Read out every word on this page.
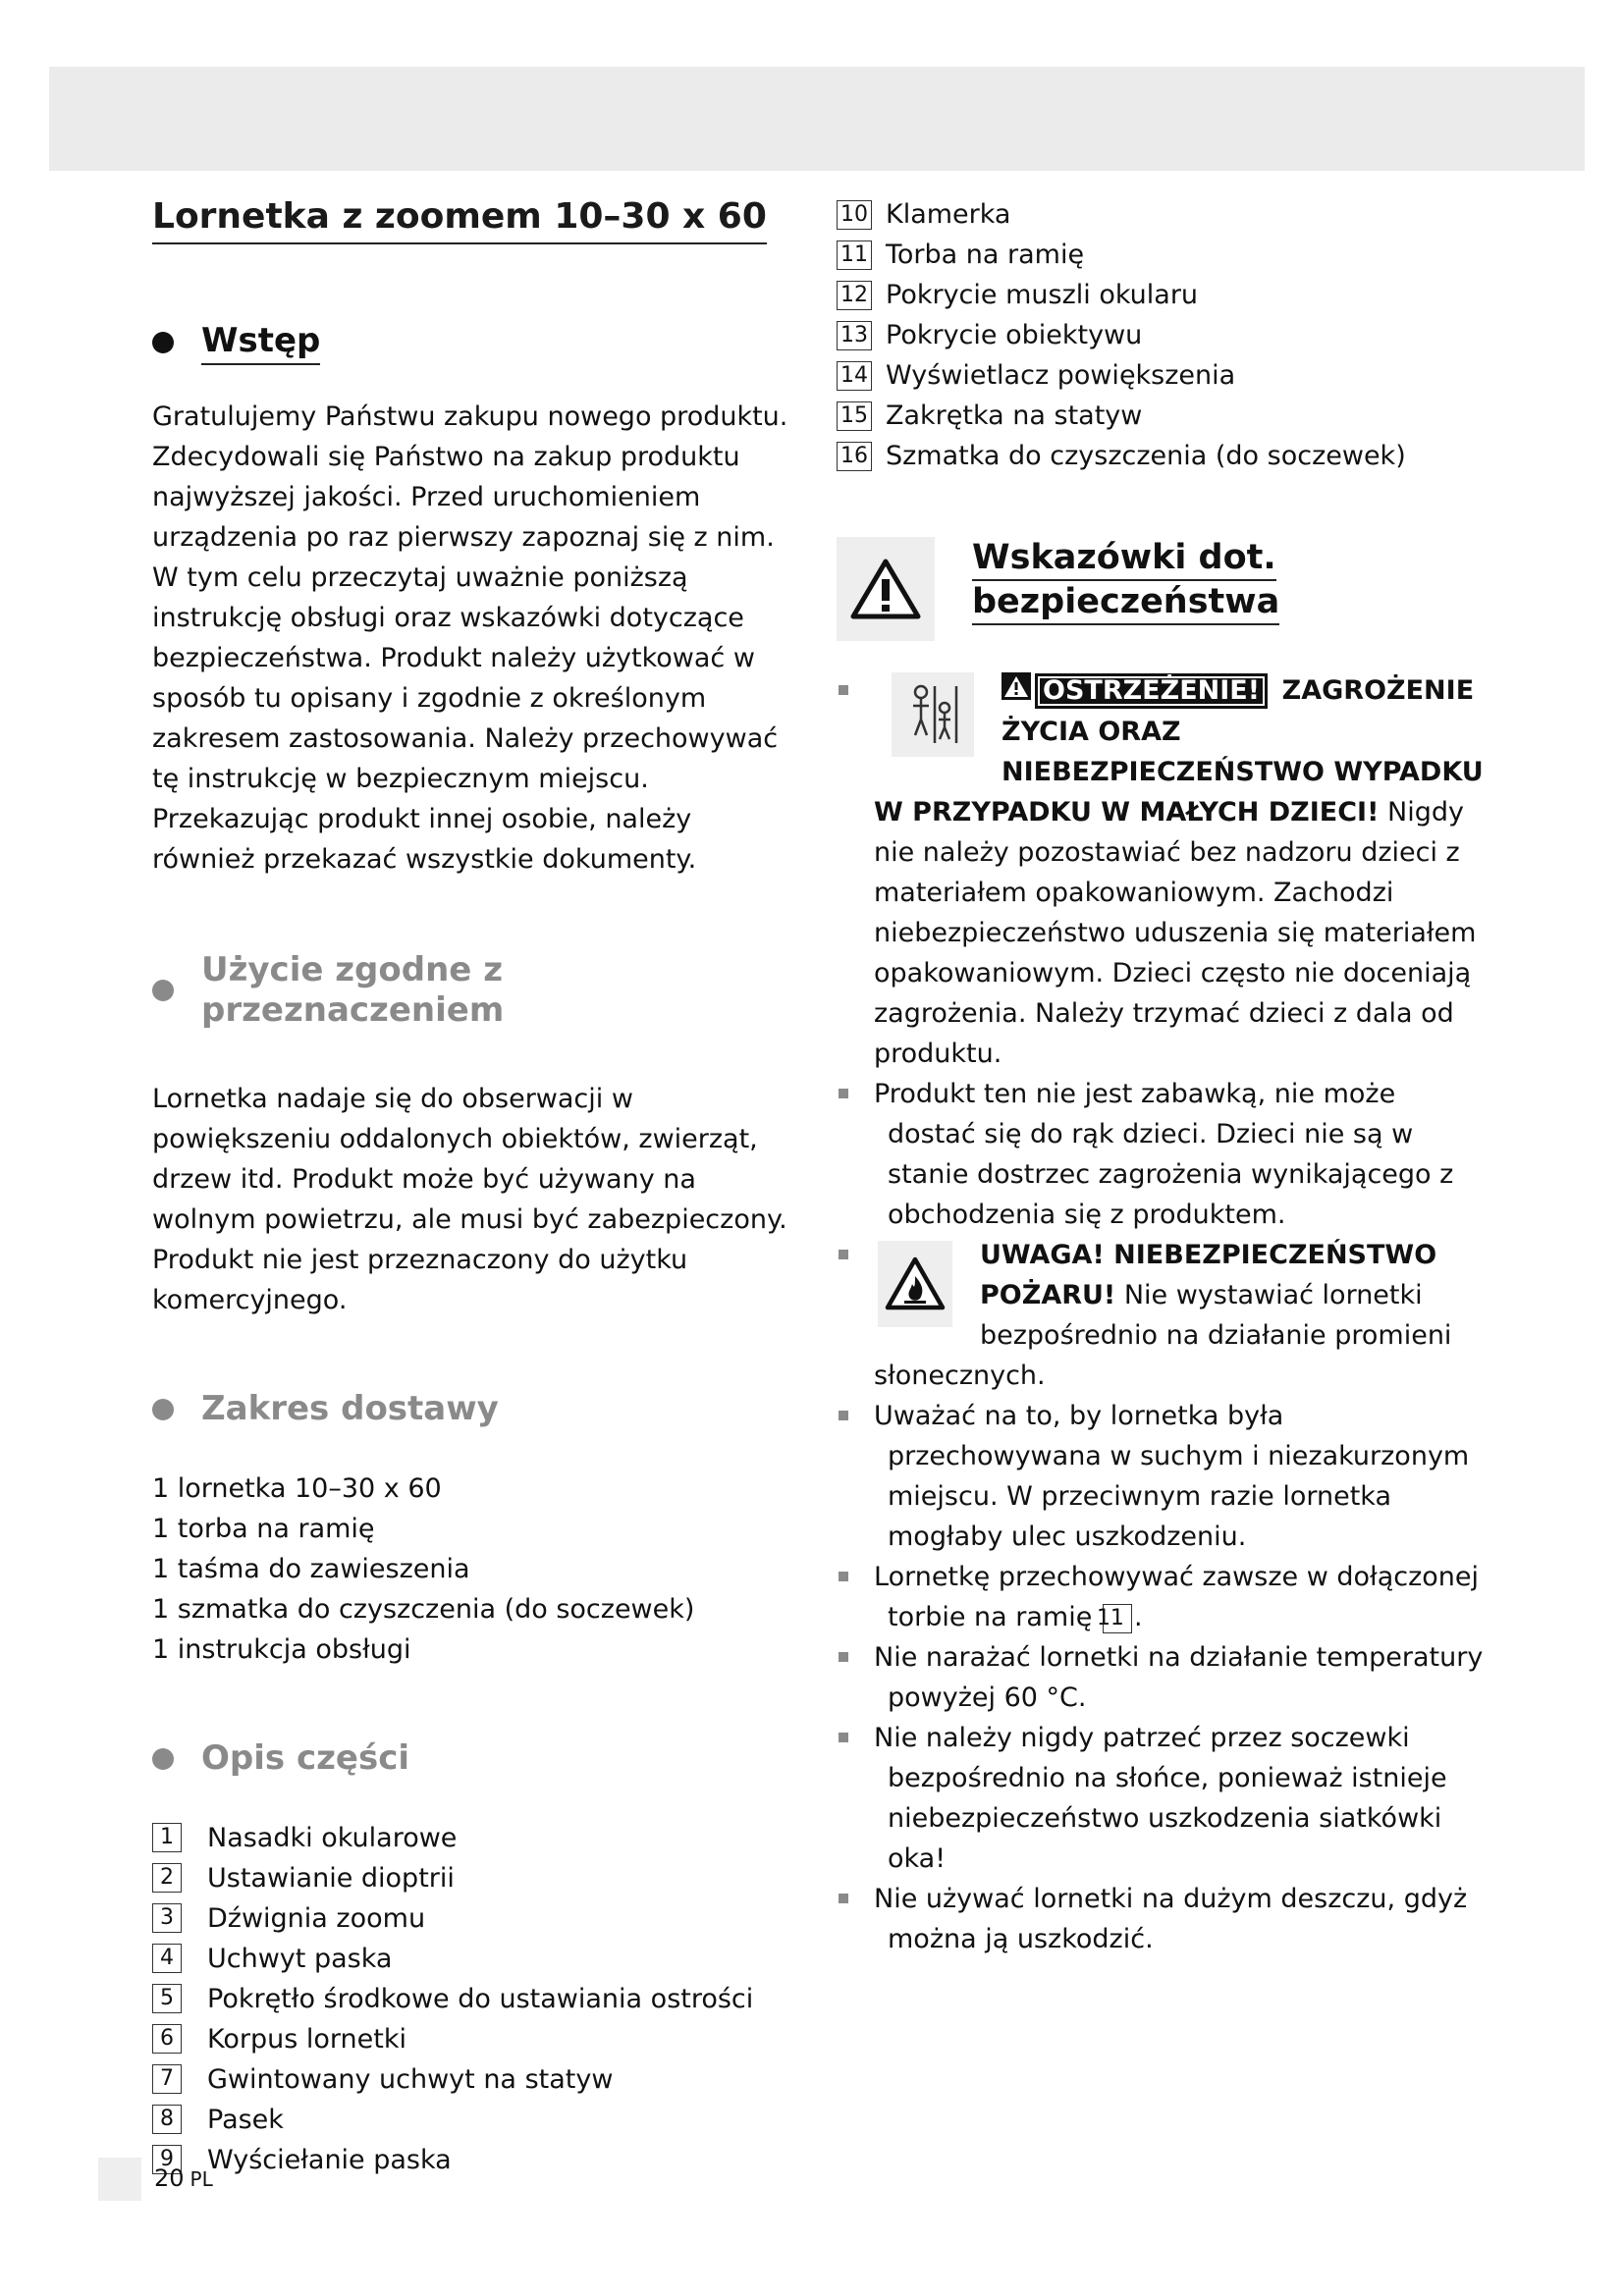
Lornetka z zoomem 10–30 x 60
Wstęp

Gratulujemy Państwu zakupu nowego produktu. Zdecydowali się Państwo na zakup produktu najwyższej jakości. Przed uruchomieniem urządzenia po raz pierwszy zapoznaj się z nim. W tym celu przeczytaj uważnie poniższą instrukcję obsługi oraz wskazówki dotyczące bezpieczeństwa. Produkt należy użytkować w sposób tu opisany i zgodnie z określonym zakresem zastosowania. Należy przechowywać tę instrukcję w bezpiecznym miejscu. Przekazując produkt innej osobie, należy również przekazać wszystkie dokumenty.

Użycie zgodne z przeznaczeniem

Lornetka nadaje się do obserwacji w powiększeniu oddalonych obiektów, zwierząt, drzew itd. Produkt może być używany na wolnym powietrzu, ale musi być zabezpieczony. Produkt nie jest przeznaczony do użytku komercyjnego.

Zakres dostawy
1 lornetka 10–30 x 60
1 torba na ramię
1 taśma do zawieszenia
1 szmatka do czyszczenia (do soczewek)
1 instrukcja obsługi
Opis części
1 Nasadki okularowe
2 Ustawianie dioptrii
3 Dźwignia zoomu
4 Uchwyt paska
5 Pokrętło środkowe do ustawiania ostrości
6 Korpus lornetki
7 Gwintowany uchwyt na statyw
8 Pasek
9 Wyściełanie paska
10 Klamerka
11 Torba na ramię
12 Pokrycie muszli okularu
13 Pokrycie obiektywu
14 Wyświetlacz powiększenia
15 Zakrętka na statyw
16 Szmatka do czyszczenia (do soczewek)
Wskazówki dot.
bezpieczeństwa
OSTRZEŻENIE! ZAGROŻENIE ŻYCIA ORAZ NIEBEZPIECZEŃSTWO WYPADKU W PRZYPADKU W MAŁYCH DZIECI! Nigdy nie należy pozostawiać bez nadzoru dzieci z materiałem opakowaniowym. Zachodzi niebezpieczeństwo uduszenia się materiałem opakowaniowym. Dzieci często nie doceniają zagrożenia. Należy trzymać dzieci z dala od produktu.
Produkt ten nie jest zabawką, nie może dostać się do rąk dzieci. Dzieci nie są w stanie dostrzec zagrożenia wynikającego z obchodzenia się z produktem.
UWAGA! NIEBEZPIECZEŃSTWO POŻARU! Nie wystawiać lornetki bezpośrednio na działanie promieni słonecznych.
Uważać na to, by lornetka była przechowywana w suchym i niezakurzonym miejscu. W przeciwnym razie lornetka mogłaby ulec uszkodzeniu.
Lornetkę przechowywać zawsze w dołączonej torbie na ramię 11 .
Nie narażać lornetki na działanie temperatury powyżej 60 °C.
Nie należy nigdy patrzeć przez soczewki bezpośrednio na słońce, ponieważ istnieje niebezpieczeństwo uszkodzenia siatkówki oka!
Nie używać lornetki na dużym deszczu, gdyż można ją uszkodzić.
20 PL
